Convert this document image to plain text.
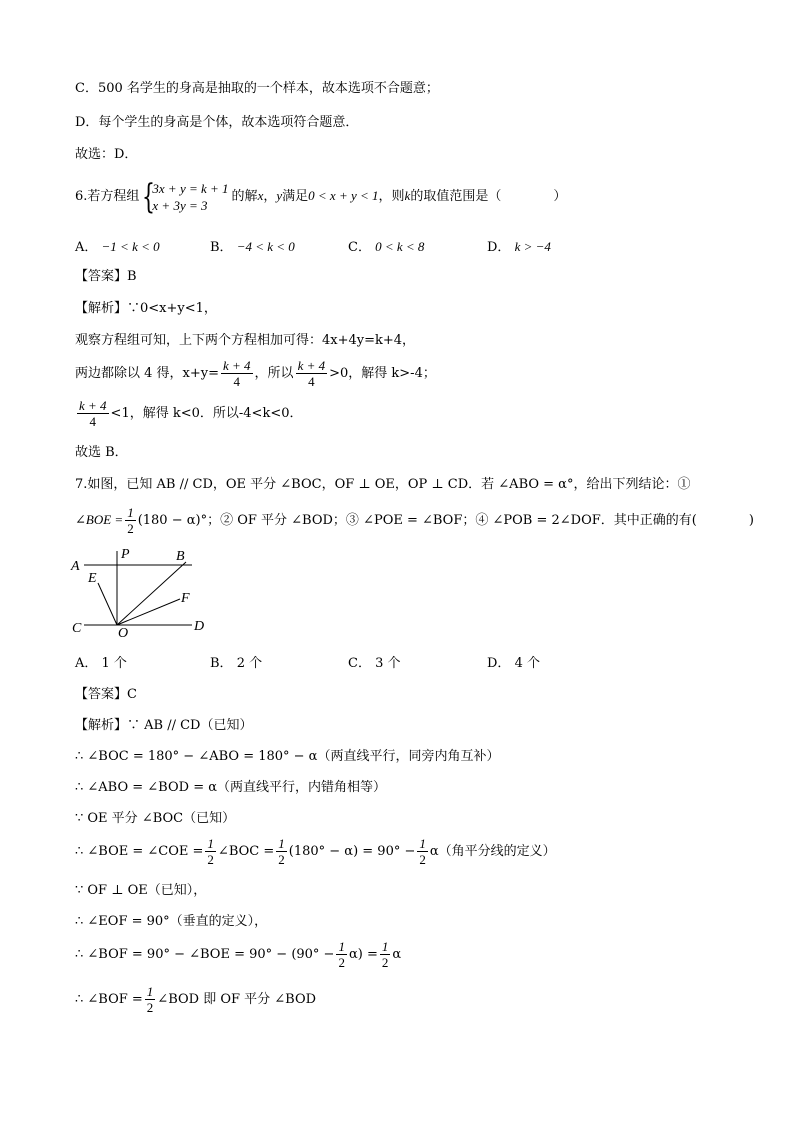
C．500 名学生的身高是抽取的一个样本，故本选项不合题意；
D．每个学生的身高是个体，故本选项符合题意．
故选：D．
6.若方程组 {
3x + y = k + 1
x + 3y = 3
的解x，y满足0 < x + y < 1，则k的取值范围是（　　　　）
A． −1 < k < 0	B． −4 < k < 0	C． 0 < k < 8	D． k > −4
【答案】B
【解析】∵0<x+y<1，
观察方程组可知，上下两个方程相加可得：4x+4y=k+4，
两边都除以 4 得，$x+y= \frac{k + 4}{4}$ ，所以 $\frac{k + 4}{4} >0$，解得 k>-4；
$\frac{k + 4}{4} <1$，解得 k<0．所以-4<k<0．
故选 B．
7.如图，已知 AB // CD，OE 平分 ∠BOC，OF ⊥ OE，OP ⊥ CD．若 ∠ABO = α°，给出下列结论：①
∠BOE = $\frac{1}{2} (180 - \alpha)^\circ$；② OF 平分 ∠BOD；③ ∠POE = ∠BOF；④ ∠POB = 2∠DOF．其中正确的有(　　　　)
A
P	B
E
F
C	O	D
A． 1 个	B． 2 个	C． 3 个	D． 4 个
【答案】C
【解析】∵ AB // CD（已知）
∴ ∠BOC = 180° − ∠ABO = 180° − α（两直线平行，同旁内角互补）
∴ ∠ABO = ∠BOD = α（两直线平行，内错角相等）
∵ OE 平分 ∠BOC（已知）
∴ ∠BOE = ∠COE = $\frac{1}{2}$ ∠BOC = $\frac{1}{2} (180^\circ - \alpha) = 90^\circ - \frac{1}{2} \alpha$（角平分线的定义）
∵ OF ⊥ OE（已知），
∴ ∠EOF = 90°（垂直的定义），
∴ ∠BOF = 90° − ∠BOE = $90^\circ - (90^\circ - \frac{1}{2} \alpha) = \frac{1}{2}$ α
∴ ∠BOF = $\frac{1}{2}$ ∠BOD 即 OF 平分 ∠BOD
